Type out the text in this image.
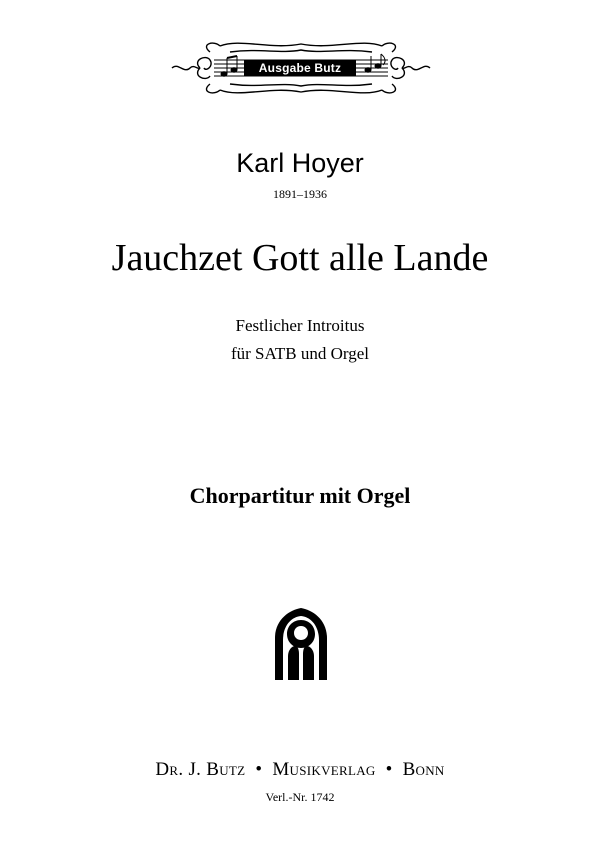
Ausgabe Butz
Karl Hoyer
1891–1936
Jauchzet Gott alle Lande
Festlicher Introitus
für SATB und Orgel
Chorpartitur mit Orgel
Dr. J. Butz • Musikverlag • Bonn
Verl.-Nr. 1742
